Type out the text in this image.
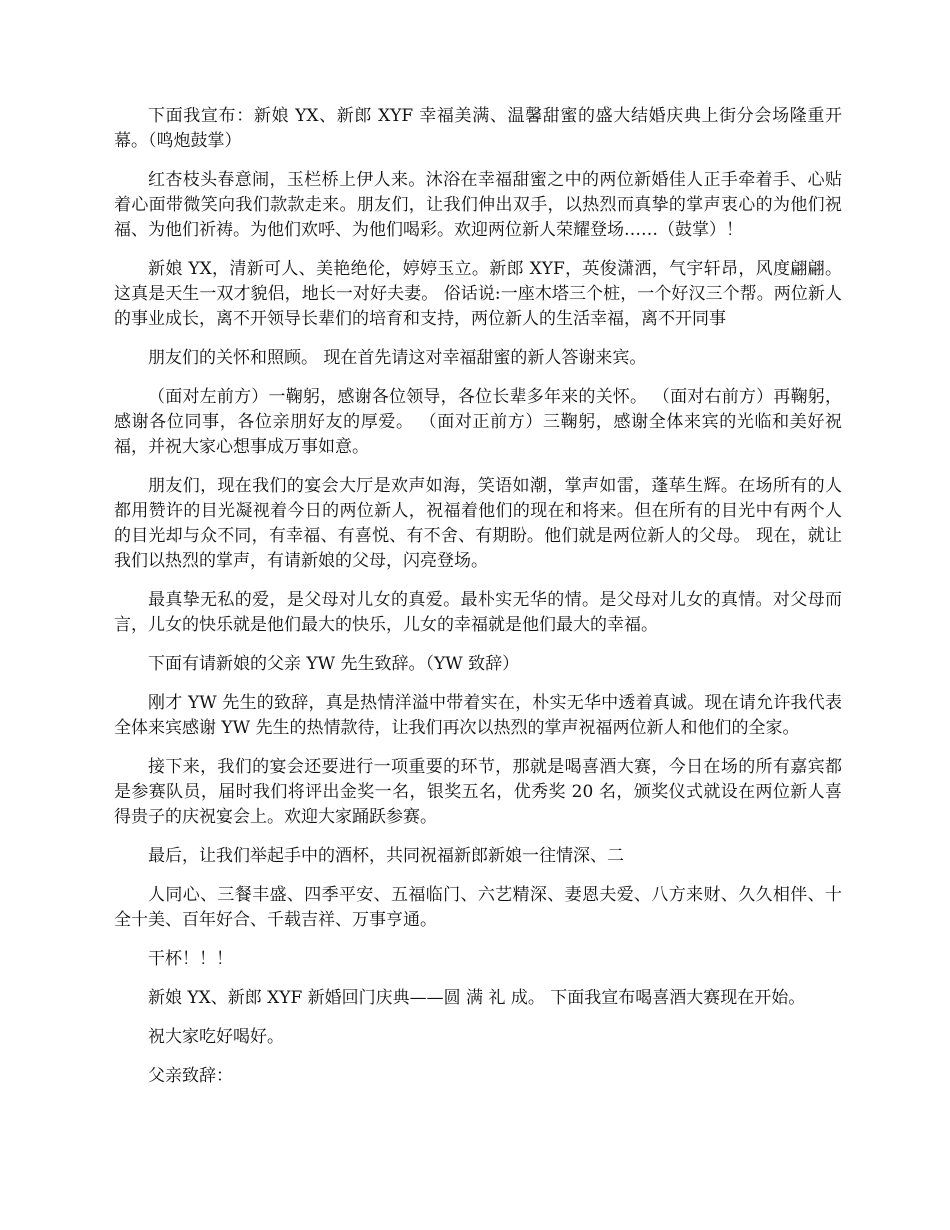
下面我宣布：新娘 YX、新郎 XYF 幸福美满、温馨甜蜜的盛大结婚庆典上街分会场隆重开幕。（鸣炮鼓掌）

红杏枝头春意闹，玉栏桥上伊人来。沐浴在幸福甜蜜之中的两位新婚佳人正手牵着手、心贴着心面带微笑向我们款款走来。朋友们，让我们伸出双手，以热烈而真挚的掌声衷心的为他们祝福、为他们祈祷。为他们欢呼、为他们喝彩。欢迎两位新人荣耀登场……（鼓掌）！

新娘 YX，清新可人、美艳绝伦，婷婷玉立。新郎 XYF，英俊潇洒，气宇轩昂，风度翩翩。这真是天生一双才貌侣，地长一对好夫妻。 俗话说:一座木塔三个桩，一个好汉三个帮。两位新人的事业成长，离不开领导长辈们的培育和支持，两位新人的生活幸福，离不开同事

朋友们的关怀和照顾。 现在首先请这对幸福甜蜜的新人答谢来宾。

（面对左前方）一鞠躬，感谢各位领导，各位长辈多年来的关怀。 （面对右前方）再鞠躬，感谢各位同事，各位亲朋好友的厚爱。 （面对正前方）三鞠躬，感谢全体来宾的光临和美好祝福，并祝大家心想事成万事如意。

朋友们，现在我们的宴会大厅是欢声如海，笑语如潮，掌声如雷，蓬荜生辉。在场所有的人都用赞许的目光凝视着今日的两位新人，祝福着他们的现在和将来。但在所有的目光中有两个人的目光却与众不同，有幸福、有喜悦、有不舍、有期盼。他们就是两位新人的父母。 现在，就让我们以热烈的掌声，有请新娘的父母，闪亮登场。

最真挚无私的爱，是父母对儿女的真爱。最朴实无华的情。是父母对儿女的真情。对父母而言，儿女的快乐就是他们最大的快乐，儿女的幸福就是他们最大的幸福。

下面有请新娘的父亲 YW 先生致辞。（YW 致辞）

刚才 YW 先生的致辞，真是热情洋溢中带着实在，朴实无华中透着真诚。现在请允许我代表全体来宾感谢 YW 先生的热情款待，让我们再次以热烈的掌声祝福两位新人和他们的全家。

接下来，我们的宴会还要进行一项重要的环节，那就是喝喜酒大赛，今日在场的所有嘉宾都是参赛队员，届时我们将评出金奖一名，银奖五名，优秀奖 20 名，颁奖仪式就设在两位新人喜得贵子的庆祝宴会上。欢迎大家踊跃参赛。

最后，让我们举起手中的酒杯，共同祝福新郎新娘一往情深、二

人同心、三餐丰盛、四季平安、五福临门、六艺精深、妻恩夫爱、八方来财、久久相伴、十全十美、百年好合、千载吉祥、万事亨通。

干杯！！！

新娘 YX、新郎 XYF 新婚回门庆典——圆 满 礼 成。 下面我宣布喝喜酒大赛现在开始。

祝大家吃好喝好。

父亲致辞：
